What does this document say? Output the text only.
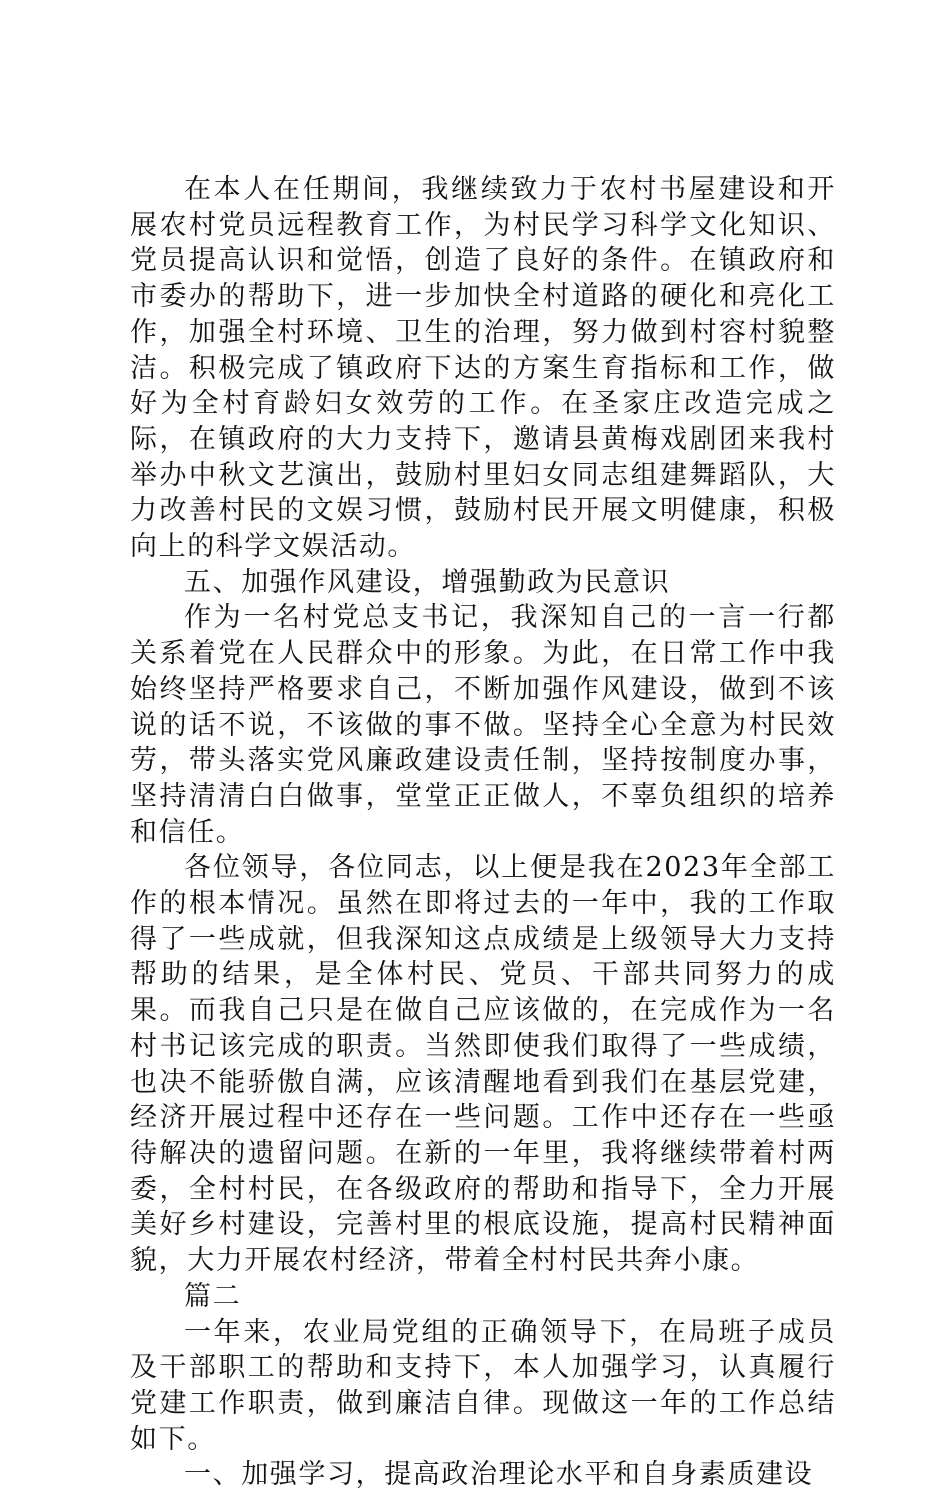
在本人在任期间，我继续致力于农村书屋建设和开展农村党员远程教育工作，为村民学习科学文化知识、党员提高认识和觉悟，创造了良好的条件。在镇政府和市委办的帮助下，进一步加快全村道路的硬化和亮化工作，加强全村环境、卫生的治理，努力做到村容村貌整洁。积极完成了镇政府下达的方案生育指标和工作，做好为全村育龄妇女效劳的工作。在圣家庄改造完成之际，在镇政府的大力支持下，邀请县黄梅戏剧团来我村举办中秋文艺演出，鼓励村里妇女同志组建舞蹈队，大力改善村民的文娱习惯，鼓励村民开展文明健康，积极向上的科学文娱活动。

五、加强作风建设，增强勤政为民意识

作为一名村党总支书记，我深知自己的一言一行都关系着党在人民群众中的形象。为此，在日常工作中我始终坚持严格要求自己，不断加强作风建设，做到不该说的话不说，不该做的事不做。坚持全心全意为村民效劳，带头落实党风廉政建设责任制，坚持按制度办事，坚持清清白白做事，堂堂正正做人，不辜负组织的培养和信任。

各位领导，各位同志，以上便是我在2023年全部工作的根本情况。虽然在即将过去的一年中，我的工作取得了一些成就，但我深知这点成绩是上级领导大力支持帮助的结果，是全体村民、党员、干部共同努力的成果。而我自己只是在做自己应该做的，在完成作为一名村书记该完成的职责。当然即使我们取得了一些成绩，也决不能骄傲自满，应该清醒地看到我们在基层党建，经济开展过程中还存在一些问题。工作中还存在一些亟待解决的遗留问题。在新的一年里，我将继续带着村两委，全村村民，在各级政府的帮助和指导下，全力开展美好乡村建设，完善村里的根底设施，提高村民精神面貌，大力开展农村经济，带着全村村民共奔小康。

篇二

一年来，农业局党组的正确领导下，在局班子成员及干部职工的帮助和支持下，本人加强学习，认真履行党建工作职责，做到廉洁自律。现做这一年的工作总结如下。

一、加强学习，提高政治理论水平和自身素质建设
